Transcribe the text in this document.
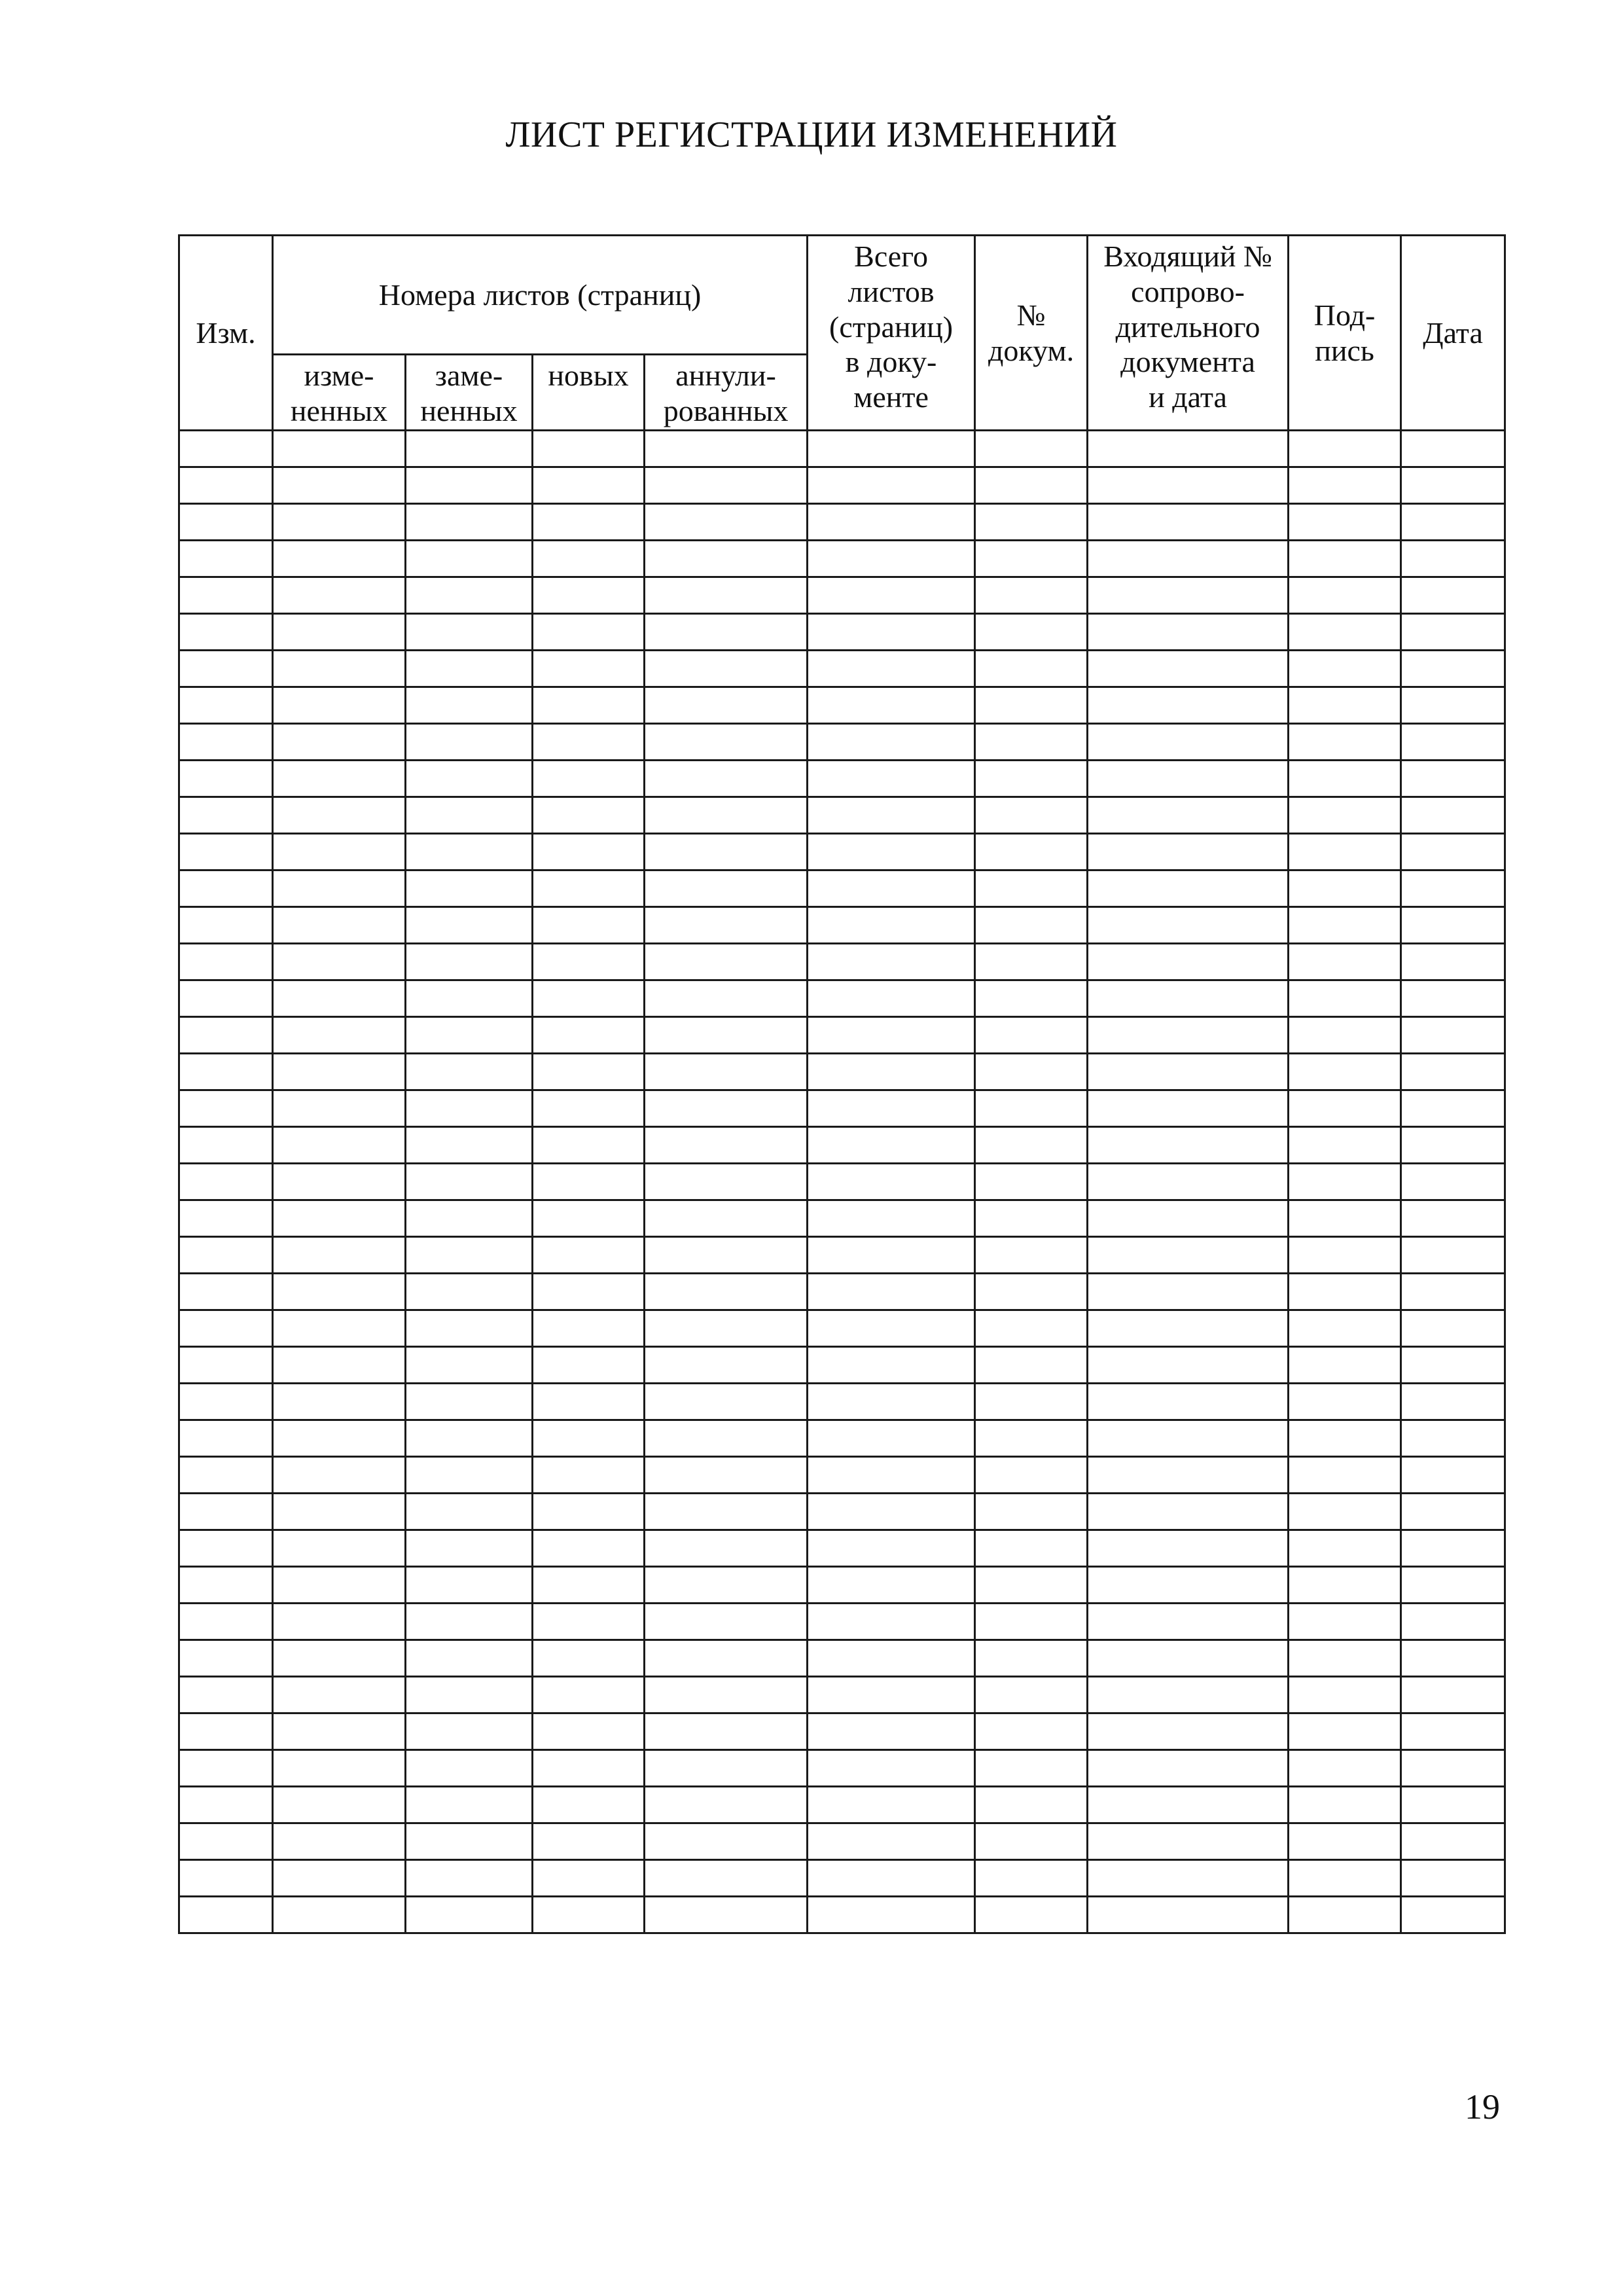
ЛИСТ РЕГИСТРАЦИИ ИЗМЕНЕНИЙ
Изм.	Номера листов (страниц)				Всего
листов
(страниц)
в доку-
менте	№
докум.	Входящий №
сопрово-
дительного
документа
и дата	Под-
пись	Дата

	изме-
ненных	заме-
ненных	новых	аннули-
рованных					

19
